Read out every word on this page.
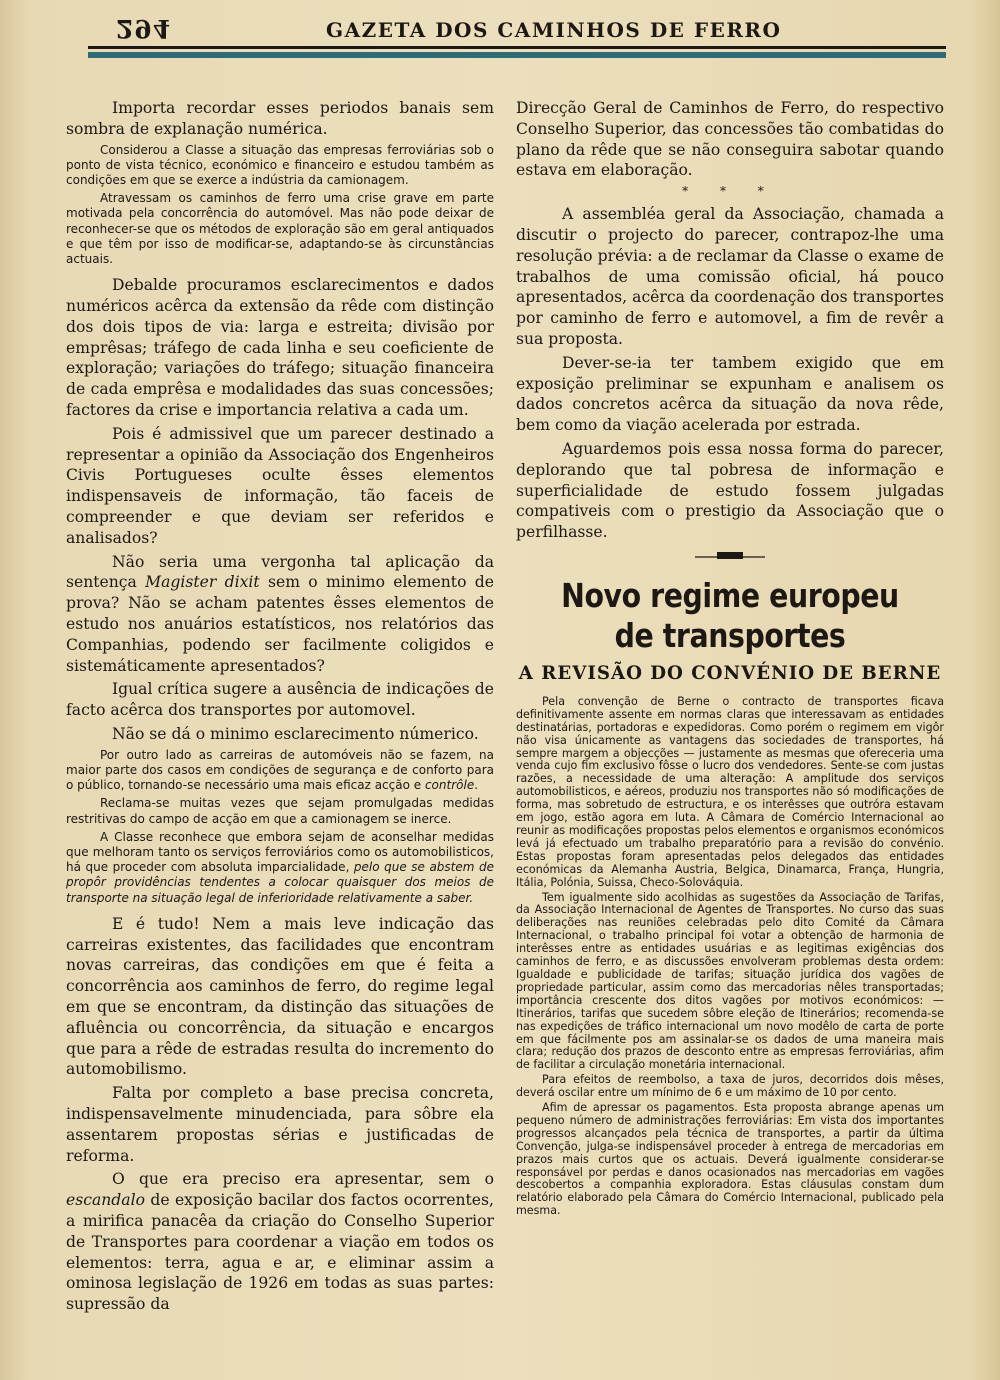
294	GAZETA DOS CAMINHOS DE FERRO

Importa recordar esses periodos banais sem sombra de explanação numérica.

Considerou a Classe a situação das empresas ferroviárias sob o ponto de vista técnico, económico e financeiro e estudou também as condições em que se exerce a indústria da camionagem.

Atravessam os caminhos de ferro uma crise grave em parte motivada pela concorrência do automóvel. Mas não pode deixar de reconhecer-se que os métodos de exploração são em geral antiquados e que têm por isso de modificar-se, adaptando-se às circunstâncias actuais.

Debalde procuramos esclarecimentos e dados numéricos acêrca da extensão da rêde com distinção dos dois tipos de via: larga e estreita; divisão por emprêsas; tráfego de cada linha e seu coeficiente de exploração; variações do tráfego; situação financeira de cada emprêsa e modalidades das suas concessões; factores da crise e importancia relativa a cada um.

Pois é admissivel que um parecer destinado a representar a opinião da Associação dos Engenheiros Civis Portugueses oculte êsses elementos indispensaveis de informação, tão faceis de compreender e que deviam ser referidos e analisados?

Não seria uma vergonha tal aplicação da sentença Magister dixit sem o minimo elemento de prova? Não se acham patentes êsses elementos de estudo nos anuários estatísticos, nos relatórios das Companhias, podendo ser facilmente coligidos e sistemáticamente apresentados?

Igual crítica sugere a ausência de indicações de facto acêrca dos transportes por automovel.

Não se dá o minimo esclarecimento númerico.

Por outro lado as carreiras de automóveis não se fazem, na maior parte dos casos em condições de segurança e de conforto para o público, tornando-se necessário uma mais eficaz acção e contrôle.

Reclama-se muitas vezes que sejam promulgadas medidas restritivas do campo de acção em que a camionagem se inerce.

A Classe reconhece que embora sejam de aconselhar medidas que melhoram tanto os serviços ferroviários como os automobilisticos, há que proceder com absoluta imparcialidade, pelo que se abstem de propôr providências tendentes a colocar quaisquer dos meios de transporte na situação legal de inferioridade relativamente a saber.

E é tudo! Nem a mais leve indicação das carreiras existentes, das facilidades que encontram novas carreiras, das condições em que é feita a concorrência aos caminhos de ferro, do regime legal em que se encontram, da distinção das situações de afluência ou concorrência, da situação e encargos que para a rêde de estradas resulta do incremento do automobilismo.

Falta por completo a base precisa concreta, indispensavelmente minudenciada, para sôbre ela assentarem propostas sérias e justificadas de reforma.

O que era preciso era apresentar, sem o escandalo de exposição bacilar dos factos ocorrentes, a mirifica panacêa da criação do Conselho Superior de Transportes para coordenar a viação em todos os elementos: terra, agua e ar, e eliminar assim a ominosa legislação de 1926 em todas as suas partes: supressão da

Direcção Geral de Caminhos de Ferro, do respectivo Conselho Superior, das concessões tão combatidas do plano da rêde que se não conseguira sabotar quando estava em elaboração.

* * *

A assembléa geral da Associação, chamada a discutir o projecto do parecer, contrapoz-lhe uma resolução prévia: a de reclamar da Classe o exame de trabalhos de uma comissão oficial, há pouco apresentados, acêrca da coordenação dos transportes por caminho de ferro e automovel, a fim de revêr a sua proposta.

Dever-se-ia ter tambem exigido que em exposição preliminar se expunham e analisem os dados concretos acêrca da situação da nova rêde, bem como da viação acelerada por estrada.

Aguardemos pois essa nossa forma do parecer, deplorando que tal pobresa de informação e superficialidade de estudo fossem julgadas compativeis com o prestigio da Associação que o perfilhasse.

Novo regime europeu de transportes
A REVISÃO DO CONVÉNIO DE BERNE

Pela convenção de Berne o contracto de transportes ficava definitivamente assente em normas claras que interessavam as entidades destinatárias, portadoras e expedidoras. Como porém o regimem em vigôr não visa únicamente as vantagens das sociedades de transportes, há sempre margem a objecções — justamente as mesmas que ofereceria uma venda cujo fim exclusivo fôsse o lucro dos vendedores. Sente-se com justas razões, a necessidade de uma alteração: A amplitude dos serviços automobilisticos, e aéreos, produziu nos transportes não só modificações de forma, mas sobretudo de estructura, e os interêsses que outróra estavam em jogo, estão agora em luta. A Câmara de Comércio Internacional ao reunir as modificações propostas pelos elementos e organismos económicos levá já efectuado um trabalho preparatório para a revisão do convénio. Estas propostas foram apresentadas pelos delegados das entidades económicas da Alemanha Austria, Belgica, Dinamarca, França, Hungria, Itália, Polónia, Suissa, Checo-Solováquia.

Tem igualmente sido acolhidas as sugestões da Associação de Tarifas, da Associação Internacional de Agentes de Transportes. No curso das suas deliberações nas reuniões celebradas pelo dito Comité da Câmara Internacional, o trabalho principal foi votar a obtenção de harmonia de interêsses entre as entidades usuárias e as legitimas exigências dos caminhos de ferro, e as discussões envolveram problemas desta ordem: Igualdade e publicidade de tarifas; situação jurídica dos vagões de propriedade particular, assim como das mercadorias nêles transportadas; importância crescente dos ditos vagões por motivos económicos: — Itinerários, tarifas que sucedem sôbre eleção de Itinerários; recomenda-se nas expedições de tráfico internacional um novo modêlo de carta de porte em que fácilmente pos am assinalar-se os dados de uma maneira mais clara; redução dos prazos de desconto entre as empresas ferroviárias, afim de facilitar a circulação monetária internacional.

Para efeitos de reembolso, a taxa de juros, decorridos dois mêses, deverá oscilar entre um mínimo de 6 e um máximo de 10 por cento.

Afim de apressar os pagamentos. Esta proposta abrange apenas um pequeno número de administrações ferroviárias: Em vista dos importantes progressos alcançados pela técnica de transportes, a partir da última Convenção, julga-se indispensável proceder à entrega de mercadorias em prazos mais curtos que os actuais. Deverá igualmente considerar-se responsável por perdas e danos ocasionados nas mercadorias em vagões descobertos a companhia exploradora. Estas cláusulas constam dum relatório elaborado pela Câmara do Comércio Internacional, publicado pela mesma.
